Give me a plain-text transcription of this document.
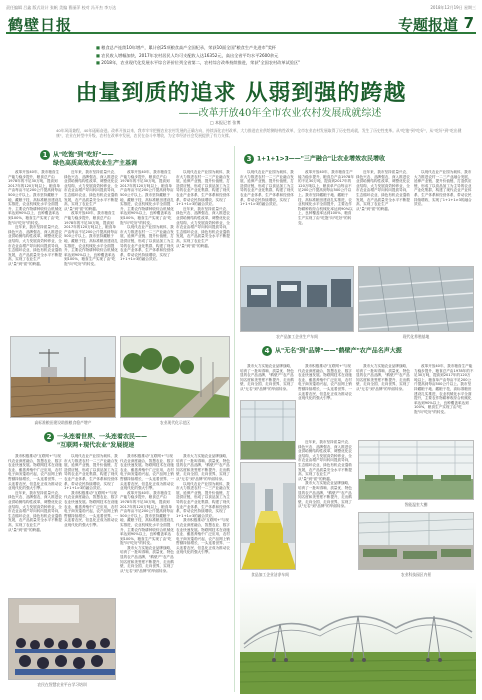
责任编辑 吕鑫 版式设计 张帆 美编 曹丽萍 校对 冯开杰 李万达	2018年12月19日 星期三
鹤壁日报	专题报道 7
■ 粮食总产连续10年增产，累计创25项粮食高产全国纪录，荣获10面全国"粮食生产先进市"奖杯
■ 农民收入增幅加快，2017年农村居民人均可支配收入达16352元，高出全省平均水平2600余元
■ 2018年，农业现代化发展水平综合评价位列全省第二，农村综合改革持续推进，荣获"全国农村改革试验区"
由量到质的追求 从弱到强的跨越
——改革开放40年全市农业农村发展成就综述
□ 本报记者 张博
40年风雨兼程，40年砥砺奋进。改革开放以来，我市牢牢把握农业农村发展的正确方向，持续深化农村改革，大力推进农业供给侧结构性改革，全市农业农村发展取得了历史性成就，发生了历史性变革。从"吃饱"到"吃好"，从"吃好"到"吃出健康"，农业在转型中升级，农村在改革中发展，农民在奋斗中增收，为全市经济社会发展提供了有力支撑。
1 从"吃饱"到"吃好"——
绿色高质高效成农业生产主基调

改革开放40年，我市粮食生产能力稳步提升，粮食总产由1978年的不足30万吨，提高到2017年的120万吨以上，粮食单产由每亩不足200公斤提高到每亩500公斤以上。我市坚持藏粮于地、藏粮于技，高标准粮田建设扎实推进，农业机械化水平全面提升，主要农作物耕种收综合机械化率达到90%以上，良种覆盖率达到100%，粮食生产实现了由"吃饱"向"吃好"的转变。

近年来，我市坚持质量兴农、绿色兴农、品牌强农，深入推进农业供给侧结构性改革，调整优化农业结构，大力发展高效种养业，全市农业由增产导向转向提质导向，生态循环农业、绿色有机农业蓬勃发展，农产品质量安全水平不断提高，实现了农业生产从"量"到"质"的跨越。

近年来，我市坚持质量兴农、绿色兴农、品牌强农，深入推进农业供给侧结构性改革，调整优化农业结构，大力发展高效种养业，全市农业由增产导向转向提质导向，生态循环农业、绿色有机农业蓬勃发展，农产品质量安全水平不断提高，实现了农业生产从"量"到"质"的跨越。

改革开放40年，我市粮食生产能力稳步提升，粮食总产由1978年的不足30万吨，提高到2017年的120万吨以上，粮食单产由每亩不足200公斤提高到每亩500公斤以上。我市坚持藏粮于地、藏粮于技，高标准粮田建设扎实推进，农业机械化水平全面提升，主要农作物耕种收综合机械化率达到90%以上，良种覆盖率达到100%，粮食生产实现了由"吃饱"向"吃好"的转变。

改革开放40年，我市粮食生产能力稳步提升，粮食总产由1978年的不足30万吨，提高到2017年的120万吨以上，粮食单产由每亩不足200公斤提高到每亩500公斤以上。我市坚持藏粮于地、藏粮于技，高标准粮田建设扎实推进，农业机械化水平全面提升，主要农作物耕种收综合机械化率达到90%以上，良种覆盖率达到100%，粮食生产实现了由"吃饱"向"吃好"的转变。

以现代农业产业园为载体，我市大力推进农村一二三产业融合发展，延伸产业链、提升价值链、打造供应链，形成了以食品加工为主导的农业产业化集群，构建了现代农业产业体系、生产体系和经营体系，带动农民持续增收，实现了1+1+1>3的融合效应。

以现代农业产业园为载体，我市大力推进农村一二三产业融合发展，延伸产业链、提升价值链、打造供应链，形成了以食品加工为主导的农业产业化集群，构建了现代农业产业体系、生产体系和经营体系，带动农民持续增收，实现了1+1+1>3的融合效应。

近年来，我市坚持质量兴农、绿色兴农、品牌强农，深入推进农业供给侧结构性改革，调整优化农业结构，大力发展高效种养业，全市农业由增产导向转向提质导向，生态循环农业、绿色有机农业蓬勃发展，农产品质量安全水平不断提高，实现了农业生产从"量"到"质"的跨越。

高标准粮田建设助推粮食稳产增产	农业现代化示范区
2 一头连着世界、一头连着农民——
"互联网+现代农业"发展提速

我市积极推动"互联网+"与现代农业深度融合，智慧农业、数字农业快速发展。物联网技术在设施农业、畜禽养殖中广泛应用，农村电子商务蓬勃兴起，农产品网上销售额持续增长，一头连着世界、一头连着农民，信息化正成为推动农业现代化的强大引擎。

近年来，我市坚持质量兴农、绿色兴农、品牌强农，深入推进农业供给侧结构性改革，调整优化农业结构，大力发展高效种养业，全市农业由增产导向转向提质导向，生态循环农业、绿色有机农业蓬勃发展，农产品质量安全水平不断提高，实现了农业生产从"量"到"质"的跨越。

以现代农业产业园为载体，我市大力推进农村一二三产业融合发展，延伸产业链、提升价值链、打造供应链，形成了以食品加工为主导的农业产业化集群，构建了现代农业产业体系、生产体系和经营体系，带动农民持续增收，实现了1+1+1>3的融合效应。

我市积极推动"互联网+"与现代农业深度融合，智慧农业、数字农业快速发展。物联网技术在设施农业、畜禽养殖中广泛应用，农村电子商务蓬勃兴起，农产品网上销售额持续增长，一头连着世界、一头连着农民，信息化正成为推动农业现代化的强大引擎。

我市积极推动"互联网+"与现代农业深度融合，智慧农业、数字农业快速发展。物联网技术在设施农业、畜禽养殖中广泛应用，农村电子商务蓬勃兴起，农产品网上销售额持续增长，一头连着世界、一头连着农民，信息化正成为推动农业现代化的强大引擎。

改革开放40年，我市粮食生产能力稳步提升，粮食总产由1978年的不足30万吨，提高到2017年的120万吨以上，粮食单产由每亩不足200公斤提高到每亩500公斤以上。我市坚持藏粮于地、藏粮于技，高标准粮田建设扎实推进，农业机械化水平全面提升，主要农作物耕种收综合机械化率达到90%以上，良种覆盖率达到100%，粮食生产实现了由"吃饱"向"吃好"的转变。

我市大力实施农业品牌战略，培育了一批叫得响、质量优、特色显的农产品品牌，"鹤壁产"农产品知名度和美誉度不断提升，走出鹤壁、走向全国、走向世界，实现了从"无名"到"品牌"的华丽转身。

我市大力实施农业品牌战略，培育了一批叫得响、质量优、特色显的农产品品牌，"鹤壁产"农产品知名度和美誉度不断提升，走出鹤壁、走向全国、走向世界，实现了从"无名"到"品牌"的华丽转身。

以现代农业产业园为载体，我市大力推进农村一二三产业融合发展，延伸产业链、提升价值链、打造供应链，形成了以食品加工为主导的农业产业化集群，构建了现代农业产业体系、生产体系和经营体系，带动农民持续增收，实现了1+1+1>3的融合效应。

我市积极推动"互联网+"与现代农业深度融合，智慧农业、数字农业快速发展。物联网技术在设施农业、畜禽养殖中广泛应用，农村电子商务蓬勃兴起，农产品网上销售额持续增长，一头连着世界、一头连着农民，信息化正成为推动农业现代化的强大引擎。

农民在智慧农业平台学习培训
3 1+1+1>3——"三产融合"让农业增效农民增收

以现代农业产业园为载体，我市大力推进农村一二三产业融合发展，延伸产业链、提升价值链、打造供应链，形成了以食品加工为主导的农业产业化集群，构建了现代农业产业体系、生产体系和经营体系，带动农民持续增收，实现了1+1+1>3的融合效应。

改革开放40年，我市粮食生产能力稳步提升，粮食总产由1978年的不足30万吨，提高到2017年的120万吨以上，粮食单产由每亩不足200公斤提高到每亩500公斤以上。我市坚持藏粮于地、藏粮于技，高标准粮田建设扎实推进，农业机械化水平全面提升，主要农作物耕种收综合机械化率达到90%以上，良种覆盖率达到100%，粮食生产实现了由"吃饱"向"吃好"的转变。

近年来，我市坚持质量兴农、绿色兴农、品牌强农，深入推进农业供给侧结构性改革，调整优化农业结构，大力发展高效种养业，全市农业由增产导向转向提质导向，生态循环农业、绿色有机农业蓬勃发展，农产品质量安全水平不断提高，实现了农业生产从"量"到"质"的跨越。

以现代农业产业园为载体，我市大力推进农村一二三产业融合发展，延伸产业链、提升价值链、打造供应链，形成了以食品加工为主导的农业产业化集群，构建了现代农业产业体系、生产体系和经营体系，带动农民持续增收，实现了1+1+1>3的融合效应。

农产品加工企业生产车间	现代化养殖基地
4 从"无名"到"品牌"——"鹤壁产"农产品名声大振

我市大力实施农业品牌战略，培育了一批叫得响、质量优、特色显的农产品品牌，"鹤壁产"农产品知名度和美誉度不断提升，走出鹤壁、走向全国、走向世界，实现了从"无名"到"品牌"的华丽转身。

我市积极推动"互联网+"与现代农业深度融合，智慧农业、数字农业快速发展。物联网技术在设施农业、畜禽养殖中广泛应用，农村电子商务蓬勃兴起，农产品网上销售额持续增长，一头连着世界、一头连着农民，信息化正成为推动农业现代化的强大引擎。

我市大力实施农业品牌战略，培育了一批叫得响、质量优、特色显的农产品品牌，"鹤壁产"农产品知名度和美誉度不断提升，走出鹤壁、走向全国、走向世界，实现了从"无名"到"品牌"的华丽转身。

改革开放40年，我市粮食生产能力稳步提升，粮食总产由1978年的不足30万吨，提高到2017年的120万吨以上，粮食单产由每亩不足200公斤提高到每亩500公斤以上。我市坚持藏粮于地、藏粮于技，高标准粮田建设扎实推进，农业机械化水平全面提升，主要农作物耕种收综合机械化率达到90%以上，良种覆盖率达到100%，粮食生产实现了由"吃饱"向"吃好"的转变。

近年来，我市坚持质量兴农、绿色兴农、品牌强农，深入推进农业供给侧结构性改革，调整优化农业结构，大力发展高效种养业，全市农业由增产导向转向提质导向，生态循环农业、绿色有机农业蓬勃发展，农产品质量安全水平不断提高，实现了农业生产从"量"到"质"的跨越。

我市大力实施农业品牌战略，培育了一批叫得响、质量优、特色显的农产品品牌，"鹤壁产"农产品知名度和美誉度不断提升，走出鹤壁、走向全国、走向世界，实现了从"无名"到"品牌"的华丽转身。

食品加工企业洁净车间
智能温室大棚
农业科技园区内景
